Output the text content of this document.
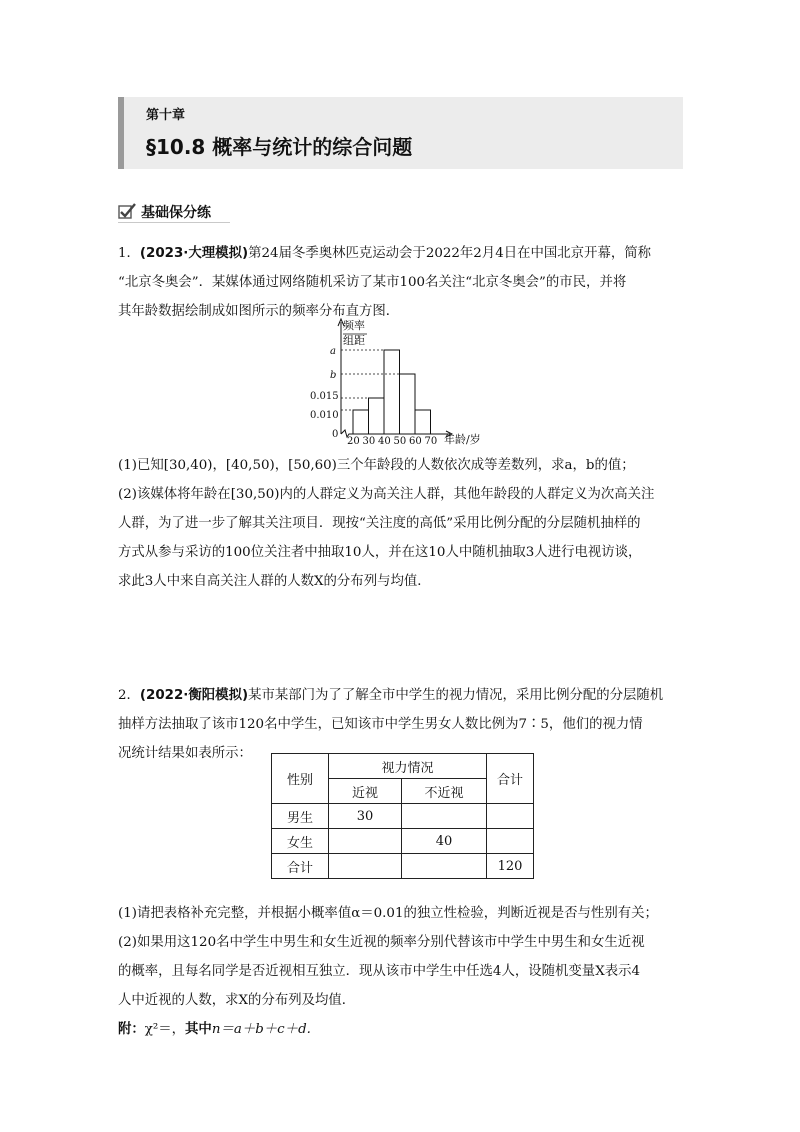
第十章
§10.8 概率与统计的综合问题
基础保分练
1．(2023·大理模拟)第24届冬季奥林匹克运动会于2022年2月4日在中国北京开幕，简称
“北京冬奥会”．某媒体通过网络随机采访了某市100名关注“北京冬奥会”的市民，并将
其年龄数据绘制成如图所示的频率分布直方图．
频率
组距
0	年龄/岁
a
b
0.015
0.010
20 30 40 50 60 70
(1)已知[30,40)，[40,50)，[50,60)三个年龄段的人数依次成等差数列，求a，b的值；
(2)该媒体将年龄在[30,50)内的人群定义为高关注人群，其他年龄段的人群定义为次高关注
人群，为了进一步了解其关注项目．现按“关注度的高低”采用比例分配的分层随机抽样的
方式从参与采访的100位关注者中抽取10人，并在这10人中随机抽取3人进行电视访谈，
求此3人中来自高关注人群的人数X的分布列与均值．
2．(2022·衡阳模拟)某市某部门为了了解全市中学生的视力情况，采用比例分配的分层随机
抽样方法抽取了该市120名中学生，已知该市中学生男女人数比例为7∶5，他们的视力情
况统计结果如表所示：
性别	视力情况		合计
	近视	不近视	
男生	30		
女生		40	
合计			120
(1)请把表格补充完整，并根据小概率值α＝0.01的独立性检验，判断近视是否与性别有关；
(2)如果用这120名中学生中男生和女生近视的频率分别代替该市中学生中男生和女生近视
的概率，且每名同学是否近视相互独立．现从该市中学生中任选4人，设随机变量X表示4
人中近视的人数，求X的分布列及均值．
附：χ²＝，其中n＝a＋b＋c＋d.
